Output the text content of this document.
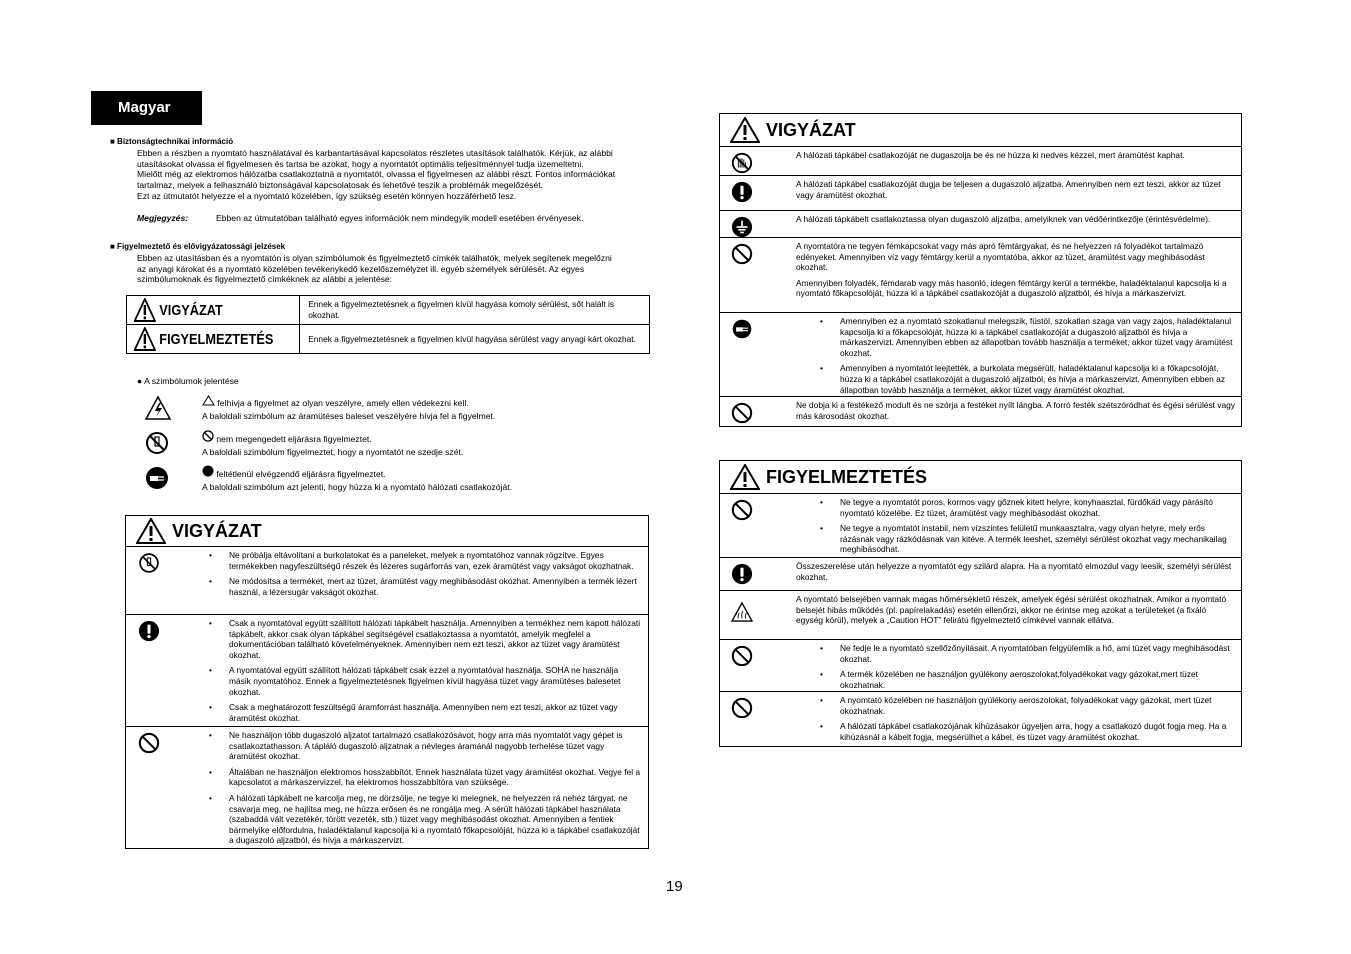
Magyar
■ Biztonságtechnikai információ
Ebben a részben a nyomtató használatával és karbantartásával kapcsolatos részletes utasítások találhatók. Kérjük, az alábbi
utasításokat olvassa el figyelmesen és tartsa be azokat, hogy a nyomtatót optimális teljesítménnyel tudja üzemeltetni.
Mielőtt még az elektromos hálózatba csatlakoztatná a nyomtatót, olvassa el figyelmesen az alábbi részt. Fontos információkat
tartalmaz, melyek a felhasználó biztonságával kapcsolatosak és lehetővé teszik a problémák megelőzését.
Ezt az útmutatót helyezze el a nyomtató közelében, így szükség esetén könnyen hozzáférhető lesz.
Megjegyzés:	Ebben az útmutatóban található egyes információk nem mindegyik modell esetében érvényesek.
■ Figyelmeztető és elővigyázatossági jelzések
Ebben az utasításban és a nyomtatón is olyan szimbólumok és figyelmeztető címkék találhatók, melyek segítenek megelőzni
az anyagi károkat és a nyomtató közelében tevékenykedő kezelőszemélyzet ill. egyéb személyek sérülését. Az egyes
szimbólumoknak és figyelmeztető címkéknek az alábbi a jelentése:
VIGYÁZAT	Ennek a figyelmeztetésnek a figyelmen kívül hagyása komoly sérülést, sőt halált is okozhat.

FIGYELMEZTETÉS	Ennek a figyelmeztetésnek a figyelmen kívül hagyása sérülést vagy anyagi kárt okozhat.
● A szimbólumok jelentése
felhívja a figyelmet az olyan veszélyre, amely ellen védekezni kell.
A baloldali szimbólum az áramütéses baleset veszélyére hívja fel a figyelmet.
nem megengedett eljárásra figyelmeztet.
A baloldali szimbólum figyelmeztet, hogy a nyomtatót ne szedje szét.
feltétlenül elvégzendő eljárásra figyelmeztet.
A baloldali szimbólum azt jelenti, hogy húzza ki a nyomtató hálózati csatlakozóját.
VIGYÁZAT

• Ne próbálja eltávolítani a burkolatokat és a paneleket, melyek a nyomtatóhoz vannak rögzítve. Egyes termékekben nagyfeszültségű részek és lézeres sugárforrás van, ezek áramütést vagy vakságot okozhatnak.

• Ne módosítsa a terméket, mert az tüzet, áramütést vagy meghibásodást okozhat. Amennyiben a termék lézert használ, a lézersugár vakságot okozhat.

• Csak a nyomtatóval együtt szállított hálózati tápkábelt használja. Amennyiben a termékhez nem kapott hálózati tápkábelt, akkor csak olyan tápkábel segítségével csatlakoztassa a nyomtatót, amelyik megfelel a dokumentációban található követelményeknek. Amennyiben nem ezt teszi, akkor az tüzet vagy áramütést okozhat.

• A nyomtatóval együtt szállított hálózati tápkábelt csak ezzel a nyomtatóval használja. SOHA ne használja másik nyomtatóhoz. Ennek a figyelmeztetésnek figyelmen kívül hagyása tüzet vagy áramütéses balesetet okozhat.

• Csak a meghatározott feszültségű áramforrást használja. Amennyiben nem ezt teszi, akkor az tüzet vagy áramütést okozhat.

• Ne használjon több dugaszoló aljzatot tartalmazó csatlakozósávot, hogy arra más nyomtatót vagy gépet is csatlakoztathasson. A tápláló dugaszoló aljzatnak a névleges áramánál nagyobb terhelése tüzet vagy áramütést okozhat.

• Általában ne használjon elektromos hosszabbítót. Ennek használata tüzet vagy áramütést okozhat. Vegye fel a kapcsolatot a márkaszervizzel, ha elektromos hosszabbítóra van szüksége.

• A hálózati tápkábelt ne karcolja meg, ne dörzsölje, ne tegye ki melegnek, ne helyezzen rá nehéz tárgyat, ne csavarja meg, ne hajlítsa meg, ne húzza erősen és ne rongálja meg. A sérült hálózati tápkábel használata (szabaddá vált vezetékér, törött vezeték, stb.) tüzet vagy meghibásodást okozhat. Amennyiben a fentiek bármelyike előfordulna, haladéktalanul kapcsolja ki a nyomtató főkapcsolóját, húzza ki a tápkábel csatlakozóját a dugaszoló aljzatból, és hívja a márkaszervizt.

VIGYÁZAT

A hálózati tápkábel csatlakozóját ne dugaszolja be és ne húzza ki nedves kézzel, mert áramütést kaphat.

A hálózati tápkábel csatlakozóját dugja be teljesen a dugaszoló aljzatba. Amennyiben nem ezt teszi, akkor az tüzet vagy áramütést okozhat.

A hálózati tápkábelt csatlakoztassa olyan dugaszoló aljzatba, amelyiknek van védőérintkezője (érintésvédelme).

A nyomtatóra ne tegyen fémkapcsokat vagy más apró fémtárgyakat, és ne helyezzen rá folyadékot tartalmazó edényeket. Amennyiben víz vagy fémtárgy kerül a nyomtatóba, akkor az tüzet, áramütést vagy meghibásodást okozhat.

Amennyiben folyadék, fémdarab vagy más hasonló, idegen fémtárgy kerül a termékbe, haladéktalanul kapcsolja ki a nyomtató főkapcsolóját, húzza ki a tápkábel csatlakozóját a dugaszoló aljzatból, és hívja a márkaszervizt.

• Amennyiben ez a nyomtató szokatlanul melegszik, füstöl, szokatlan szaga van vagy zajos, haladéktalanul kapcsolja ki a főkapcsolóját, húzza ki a tápkábel csatlakozóját a dugaszoló aljzatból és hívja a márkaszervizt. Amennyiben ebben az állapotban tovább használja a terméket, akkor tüzet vagy áramütést okozhat.

• Amennyiben a nyomtatót leejtették, a burkolata megsérült, haladéktalanul kapcsolja ki a főkapcsolóját, húzza ki a tápkábel csatlakozóját a dugaszoló aljzatból, és hívja a márkaszervizt. Amennyiben ebben az állapotban tovább használja a terméket, akkor tüzet vagy áramütést okozhat.

Ne dobja ki a festékező modult és ne szórja a festéket nyílt lángba. A forró festék szétszóródhat és égési sérülést vagy más károsodást okozhat.

FIGYELMEZTETÉS

• Ne tegye a nyomtatót poros, kormos vagy gőznek kitett helyre, konyhaasztal, fürdőkád vagy párásító nyomtató közelébe. Ez tüzet, áramütést vagy meghibásodást okozhat.

• Ne tegye a nyomtatót instabil, nem vízszintes felületű munkaasztalra, vagy olyan helyre, mely erős rázásnak vagy rázkódásnak van kitéve. A termék leeshet, személyi sérülést okozhat vagy mechanikailag meghibásodhat.

Összeszerelése után helyezze a nyomtatót egy szilárd alapra. Ha a nyomtató elmozdul vagy leesik, személyi sérülést okozhat.

A nyomtató belsejében vannak magas hőmérsékletű részek, amelyek égési sérülést okozhatnak. Amikor a nyomtató belsejét hibás működés (pl. papírelakadás) esetén ellenőrzi, akkor ne érintse meg azokat a területeket (a fixáló egység körül), melyek a „Caution HOT” felirátú figyelmeztető címkével vannak ellátva.

• Ne fedje le a nyomtató szellőzőnyílásait. A nyomtatóban felgyülemlik a hő, ami tüzet vagy meghibásodást okozhat.

• A termék közelében ne használjon gyúlékony aeroszolokat,folyadékokat vagy gázokat,mert tüzet okozhatnak.

• A nyomtató közelében ne használjon gyúlékony aeroszolokat, folyadékokat vagy gázokat, mert tüzet okozhatnak.

• A hálózati tápkábel csatlakozójának kihúzásakor ügyeljen arra, hogy a csatlakozó dugót fogja meg. Ha a kihúzásnál a kábelt fogja, megsérülhet a kábel, és tüzet vagy áramütést okozhat.

19
